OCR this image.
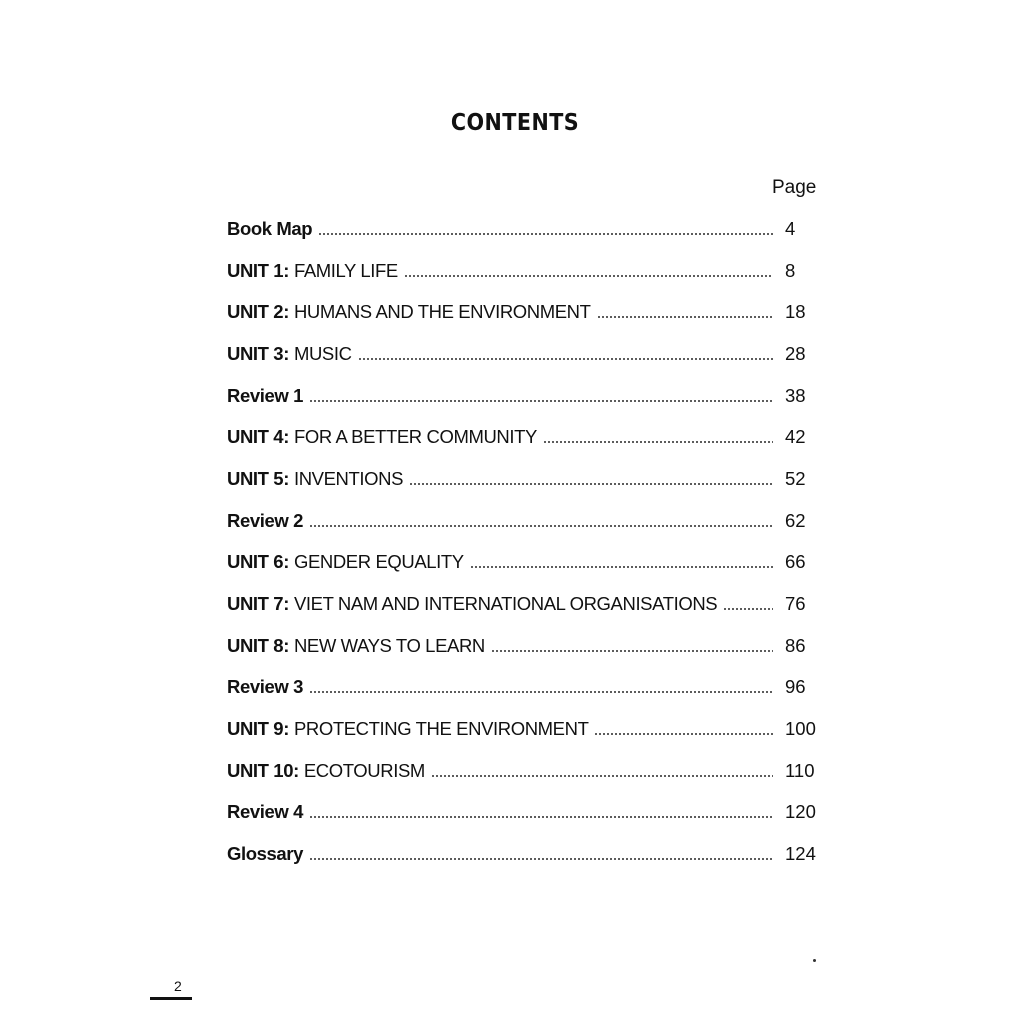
CONTENTS
Page
Book Map	4
UNIT 1: FAMILY LIFE	8
UNIT 2: HUMANS AND THE ENVIRONMENT	18
UNIT 3: MUSIC	28
Review 1	38
UNIT 4: FOR A BETTER COMMUNITY	42
UNIT 5: INVENTIONS	52
Review 2	62
UNIT 6: GENDER EQUALITY	66
UNIT 7: VIET NAM AND INTERNATIONAL ORGANISATIONS	76
UNIT 8: NEW WAYS TO LEARN	86
Review 3	96
UNIT 9: PROTECTING THE ENVIRONMENT	100
UNIT 10: ECOTOURISM	110
Review 4	120
Glossary	124
2
